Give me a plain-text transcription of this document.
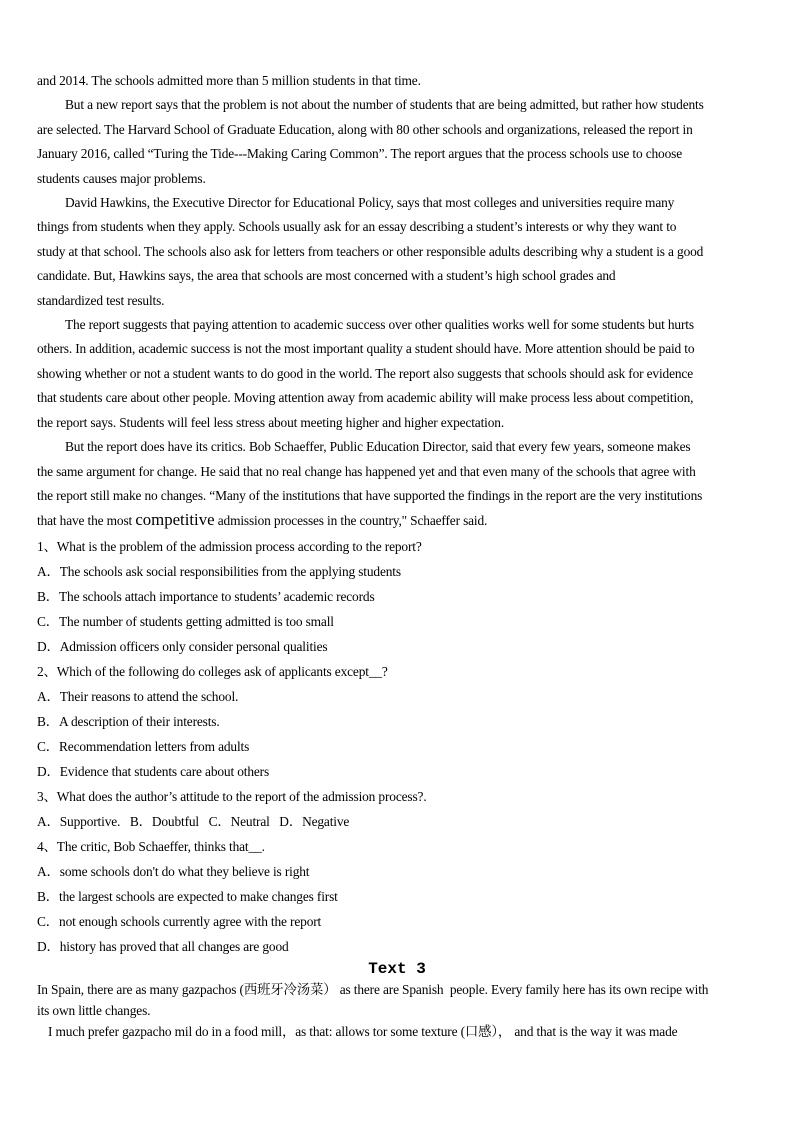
and 2014. The schools admitted more than 5 million students in that time.
But a new report says that the problem is not about the number of students that are being admitted, but rather how students
are selected. The Harvard School of Graduate Education, along with 80 other schools and organizations, released the report in
January 2016, called “Turing the Tide---Making Caring Common”. The report argues that the process schools use to choose
students causes major problems.
David Hawkins, the Executive Director for Educational Policy, says that most colleges and universities require many
things from students when they apply. Schools usually ask for an essay describing a student’s interests or why they want to
study at that school. The schools also ask for letters from teachers or other responsible adults describing why a student is a good
candidate. But, Hawkins says, the area that schools are most concerned with a student’s high school grades and
standardized test results.
The report suggests that paying attention to academic success over other qualities works well for some students but hurts
others. In addition, academic success is not the most important quality a student should have. More attention should be paid to
showing whether or not a student wants to do good in the world. The report also suggests that schools should ask for evidence
that students care about other people. Moving attention away from academic ability will make process less about competition,
the report says. Students will feel less stress about meeting higher and higher expectation.
But the report does have its critics. Bob Schaeffer, Public Education Director, said that every few years, someone makes
the same argument for change. He said that no real change has happened yet and that even many of the schools that agree with
the report still make no changes. “Many of the institutions that have supported the findings in the report are the very institutions
that have the most competitive admission processes in the country," Schaeffer said.
1、What is the problem of the admission process according to the report?
A．The schools ask social responsibilities from the applying students
B．The schools attach importance to students’ academic records
C．The number of students getting admitted is too small
D．Admission officers only consider personal qualities
2、Which of the following do colleges ask of applicants except__?
A．Their reasons to attend the school.
B．A description of their interests.
C．Recommendation letters from adults
D．Evidence that students care about others
3、What does the author’s attitude to the report of the admission process?.
A．Supportive.   B．Doubtful   C．Neutral   D．Negative
4、The critic, Bob Schaeffer, thinks that__.
A．some schools don't do what they believe is right
B．the largest schools are expected to make changes first
C．not enough schools currently agree with the report
D．history has proved that all changes are good
Text 3
In Spain, there are as many gazpachos (西班牙冷汤菜） as there are Spanish  people. Every family here has its own recipe with
its own little changes.
I much prefer gazpacho mil do in a food mill，as that: allows tor some texture (口感）， and that is the way it was made
